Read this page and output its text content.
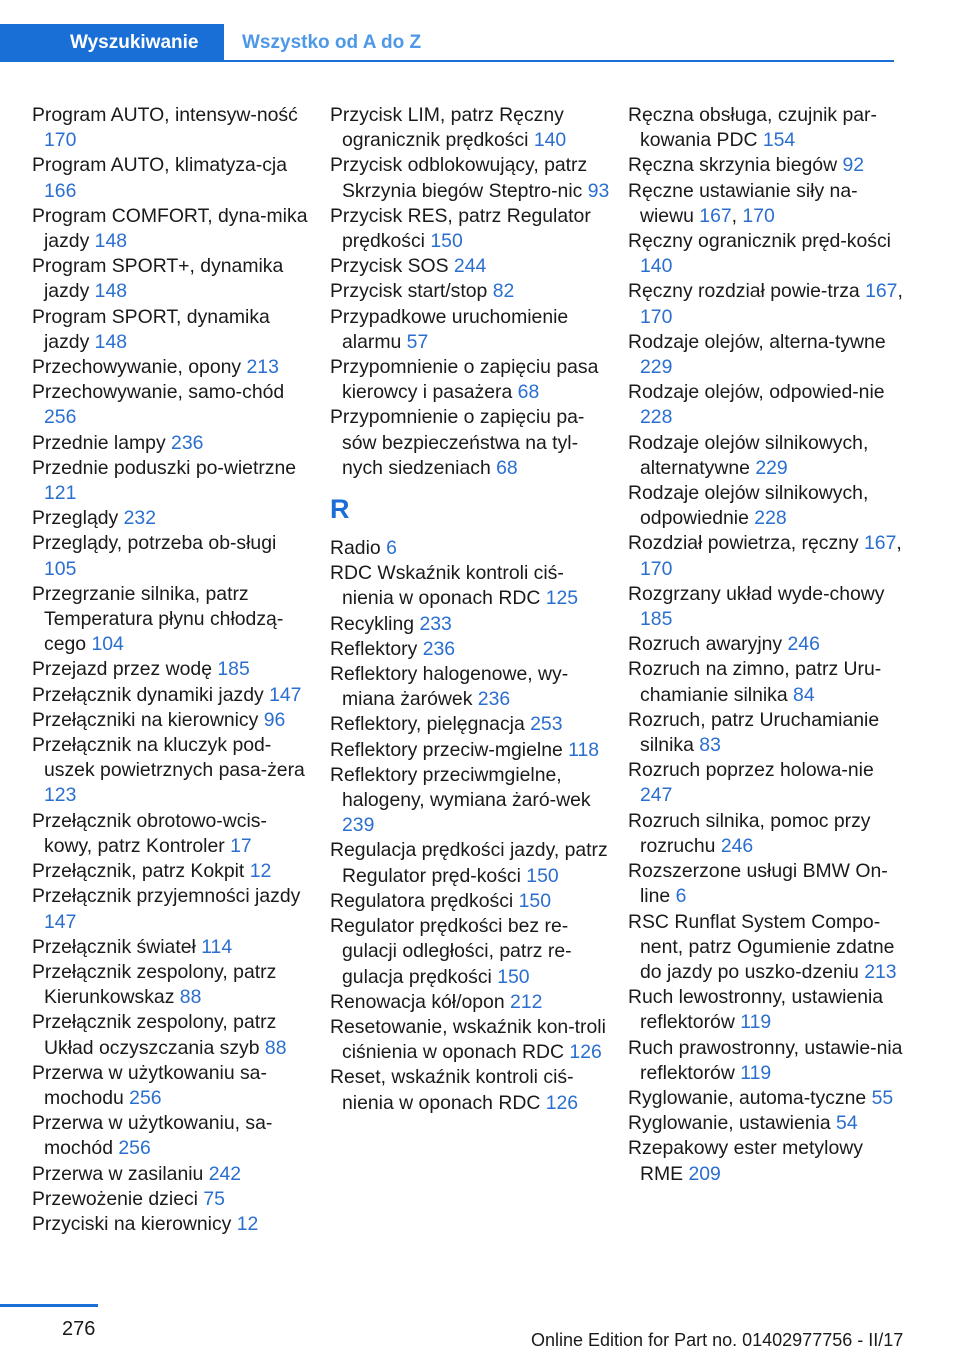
Wyszukiwanie	Wszystko od A do Z
Program AUTO, intensyw-ność 170
Program AUTO, klimatyza-cja 166
Program COMFORT, dyna-mika jazdy 148
Program SPORT+, dynamika jazdy 148
Program SPORT, dynamika jazdy 148
Przechowywanie, opony 213
Przechowywanie, samo-chód 256
Przednie lampy 236
Przednie poduszki po-wietrzne 121
Przeglądy 232
Przeglądy, potrzeba ob-sługi 105
Przegrzanie silnika, patrz Temperatura płynu chłodzą-cego 104
Przejazd przez wodę 185
Przełącznik dynamiki jazdy 147
Przełączniki na kierownicy 96
Przełącznik na kluczyk pod-uszek powietrznych pasa-żera 123
Przełącznik obrotowo-wcis-kowy, patrz Kontroler 17
Przełącznik, patrz Kokpit 12
Przełącznik przyjemności jazdy 147
Przełącznik świateł 114
Przełącznik zespolony, patrz Kierunkowskaz 88
Przełącznik zespolony, patrz Układ oczyszczania szyb 88
Przerwa w użytkowaniu sa-mochodu 256
Przerwa w użytkowaniu, sa-mochód 256
Przerwa w zasilaniu 242
Przewożenie dzieci 75
Przyciski na kierownicy 12
Przycisk LIM, patrz Ręczny ogranicznik prędkości 140
Przycisk odblokowujący, patrz Skrzynia biegów Steptro-nic 93
Przycisk RES, patrz Regulator prędkości 150
Przycisk SOS 244
Przycisk start/stop 82
Przypadkowe uruchomienie alarmu 57
Przypomnienie o zapięciu pasa kierowcy i pasażera 68
Przypomnienie o zapięciu pa-sów bezpieczeństwa na tyl-nych siedzeniach 68
R
Radio 6
RDC Wskaźnik kontroli ciś-nienia w oponach RDC 125
Recykling 233
Reflektory 236
Reflektory halogenowe, wy-miana żarówek 236
Reflektory, pielęgnacja 253
Reflektory przeciw-mgielne 118
Reflektory przeciwmgielne, halogeny, wymiana żaró-wek 239
Regulacja prędkości jazdy, patrz Regulator pręd-kości 150
Regulatora prędkości 150
Regulator prędkości bez re-gulacji odległości, patrz re-gulacja prędkości 150
Renowacja kół/opon 212
Resetowanie, wskaźnik kon-troli ciśnienia w oponach RDC 126
Reset, wskaźnik kontroli ciś-nienia w oponach RDC 126
Ręczna obsługa, czujnik par-kowania PDC 154
Ręczna skrzynia biegów 92
Ręczne ustawianie siły na-wiewu 167, 170
Ręczny ogranicznik pręd-kości 140
Ręczny rozdział powie-trza 167, 170
Rodzaje olejów, alterna-tywne 229
Rodzaje olejów, odpowied-nie 228
Rodzaje olejów silnikowych, alternatywne 229
Rodzaje olejów silnikowych, odpowiednie 228
Rozdział powietrza, ręczny 167, 170
Rozgrzany układ wyde-chowy 185
Rozruch awaryjny 246
Rozruch na zimno, patrz Uru-chamianie silnika 84
Rozruch, patrz Uruchamianie silnika 83
Rozruch poprzez holowa-nie 247
Rozruch silnika, pomoc przy rozruchu 246
Rozszerzone usługi BMW On-line 6
RSC Runflat System Compo-nent, patrz Ogumienie zdatne do jazdy po uszko-dzeniu 213
Ruch lewostronny, ustawienia reflektorów 119
Ruch prawostronny, ustawie-nia reflektorów 119
Ryglowanie, automa-tyczne 55
Ryglowanie, ustawienia 54
Rzepakowy ester metylowy RME 209
276	Online Edition for Part no. 01402977756 - II/17
